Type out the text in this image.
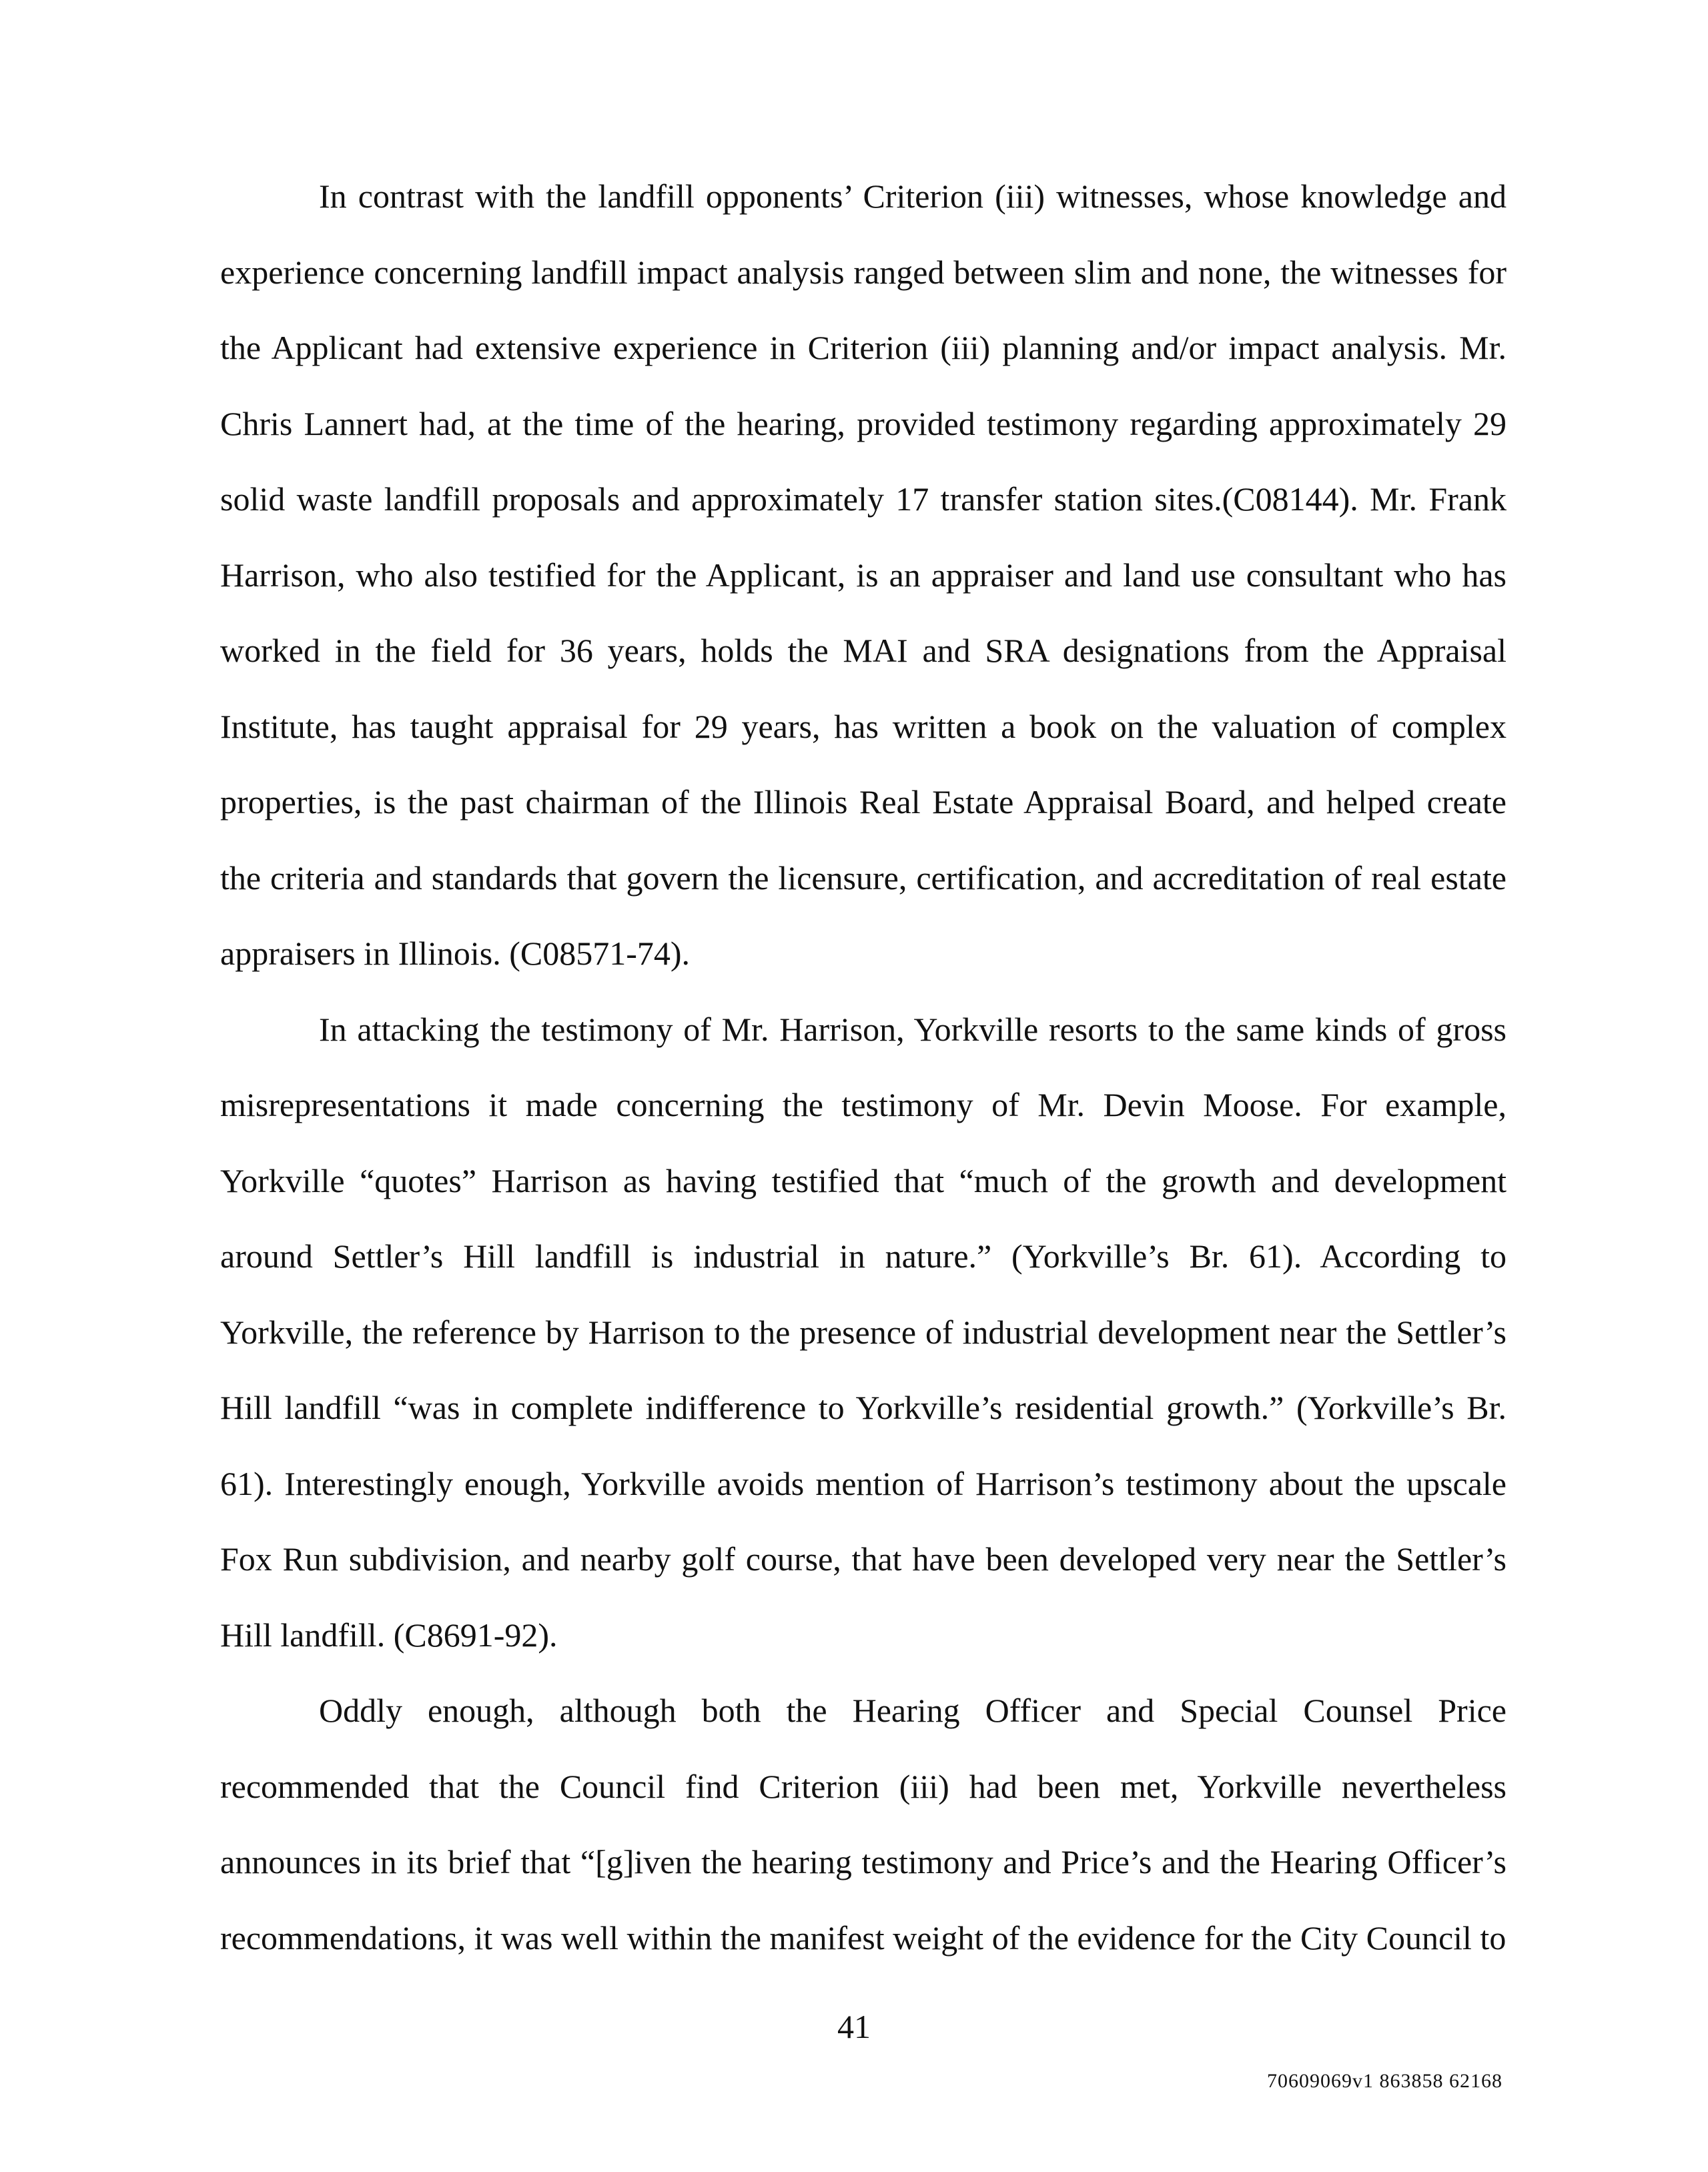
In contrast with the landfill opponents’ Criterion (iii) witnesses, whose knowledge and experience concerning landfill impact analysis ranged between slim and none, the witnesses for the Applicant had extensive experience in Criterion (iii) planning and/or impact analysis. Mr. Chris Lannert had, at the time of the hearing, provided testimony regarding approximately 29 solid waste landfill proposals and approximately 17 transfer station sites.(C08144). Mr. Frank Harrison, who also testified for the Applicant, is an appraiser and land use consultant who has worked in the field for 36 years, holds the MAI and SRA designations from the Appraisal Institute, has taught appraisal for 29 years, has written a book on the valuation of complex properties, is the past chairman of the Illinois Real Estate Appraisal Board, and helped create the criteria and standards that govern the licensure, certification, and accreditation of real estate appraisers in Illinois. (C08571-74).

In attacking the testimony of Mr. Harrison, Yorkville resorts to the same kinds of gross misrepresentations it made concerning the testimony of Mr. Devin Moose. For example, Yorkville “quotes” Harrison as having testified that “much of the growth and development around Settler’s Hill landfill is industrial in nature.” (Yorkville’s Br. 61). According to Yorkville, the reference by Harrison to the presence of industrial development near the Settler’s Hill landfill “was in complete indifference to Yorkville’s residential growth.” (Yorkville’s Br. 61). Interestingly enough, Yorkville avoids mention of Harrison’s testimony about the upscale Fox Run subdivision, and nearby golf course, that have been developed very near the Settler’s Hill landfill. (C8691-92).

Oddly enough, although both the Hearing Officer and Special Counsel Price recommended that the Council find Criterion (iii) had been met, Yorkville nevertheless announces in its brief that “[g]iven the hearing testimony and Price’s and the Hearing Officer’s recommendations, it was well within the manifest weight of the evidence for the City Council to

41
70609069v1 863858 62168
